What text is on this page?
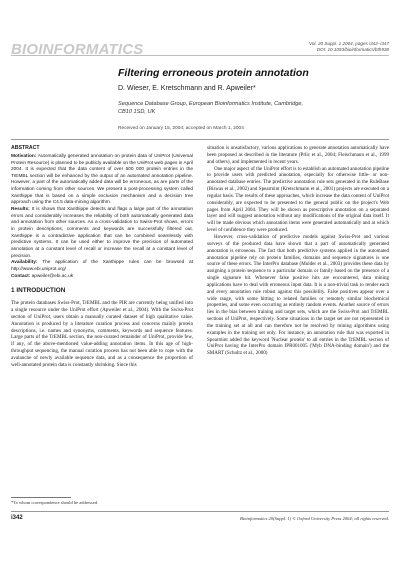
BIOINFORMATICS	Vol. 20 Suppl. 1 2004, pages i342–i347
DOI: 10.1093/bioinformatics/bth938
Filtering erroneous protein annotation
D. Wieser, E. Kretschmann and R. Apweiler*
Sequence Database Group, European Bioinformatics Institute, Cambridge,
CB10 1SD, UK
Received on January 15, 2004; accepted on March 1, 2004
ABSTRACT

Motivation: Automatically generated annotation on protein data of UniProt (Universal Protein Resource) is planned to be publicly available on the UniProt web pages in April 2004. It is expected that the data content of over 500 000 protein entries in the TrEMBL section will be enhanced by the output of an automated annotation pipeline. However, a part of the automatically added data will be erroneous, as are parts of the information coming from other sources. We present a post-processing system called Xanthippe that is based on a simple exclusion mechanism and a decision tree approach using the C4.5 data-mining algorithm.

Results: It is shown that Xanthippe detects and flags a large part of the annotation errors and considerably increases the reliability of both automatically generated data and annotation from other sources. As a cross-validation to Swiss-Prot shows, errors in protein descriptions, comments and keywords are successfully filtered out. Xanthippe is a contradictive application that can be combined seamlessly with predictive systems. It can be used either to improve the precision of automated annotation at a constant level of recall or increase the recall at a constant level of precision.

Availability: The application of the Xanthippe rules can be browsed at http://www.ebi.uniprot.org/

Contact: apweiler@ebi.ac.uk

1 INTRODUCTION

The protein databases Swiss-Prot, TrEMBL and the PIR are currently being unified into a single resource under the UniProt effort (Apweiler et al., 2004). With the Swiss-Prot section of UniProt, users obtain a manually curated dataset of high qualitative value. Annotation is produced by a literature curation process and concerns mainly protein descriptions, i.e. names and synonyms, comments, keywords and sequence features. Large parts of the TrEMBL section, the non-curated remainder of UniProt, provide few, if any, of the above-mentioned value-adding annotation items. In this age of high-throughput sequencing, the manual curation process has not been able to cope with the avalanche of newly available sequence data, and as a consequence the proportion of well-annotated protein data is constantly shrinking. Since this

situation is unsatisfactory, various applications to generate annotation automatically have been proposed as described in the literature (Prlic et al., 2004; Fleischmann et al., 1999 and others), and implemented in recent years.

One major aspect of the UniProt effort is to establish an automated annotation pipeline to provide users with predicted annotation, especially for otherwise little- or non-annotated database entries. The predictive annotation rule sets generated in the RuleBase (Biswas et al., 2002) and Spearmint (Kretschmann et al., 2001) projects are executed on a regular basis. The results of these approaches, which increase the data content of UniProt considerably, are expected to be presented to the general public on the project's Web pages from April 2004. They will be shown as prescriptive annotation on a separated layer and will suggest annotation without any modifications of the original data itself. It will be made obvious which annotation items were generated automatically and at which level of confidence they were produced.

However, cross-validation of predictive models against Swiss-Prot and various surveys of the produced data have shown that a part of automatically generated annotation is erroneous. The fact that both predictive systems applied in the automated annotation pipeline rely on protein families, domains and sequence signatures is one source of these errors. The InterPro database (Mulder et al., 2003) provides these data by assigning a protein sequence to a particular domain or family based on the presence of a single signature hit. Whenever false positive hits are encountered, data mining applications have to deal with erroneous input data. It is a non-trivial task to render each and every annotation rule robust against this possibility. False positives appear over a wide range, with some hitting to related families or remotely similar biochemical properties, and some even occurring as entirely random events. Another source of errors lies in the bias between training and target sets, which are the Swiss-Prot and TrEMBL sections of UniProt, respectively. Some situations in the target set are not represented in the training set at all and can therefore not be resolved by mining algorithms using examples in the training set only. For instance, an annotation rule that was exported in Spearmint added the keyword 'Nuclear protein' to all entries in the TrEMBL section of UniProt having the InterPro domain IPR001005 ('Myb DNA-binding domain') and the SMART (Schultz et al., 2000)

*To whom correspondence should be addressed.
i342	Bioinformatics 20(Suppl. 1) © Oxford University Press 2004; all rights reserved.
